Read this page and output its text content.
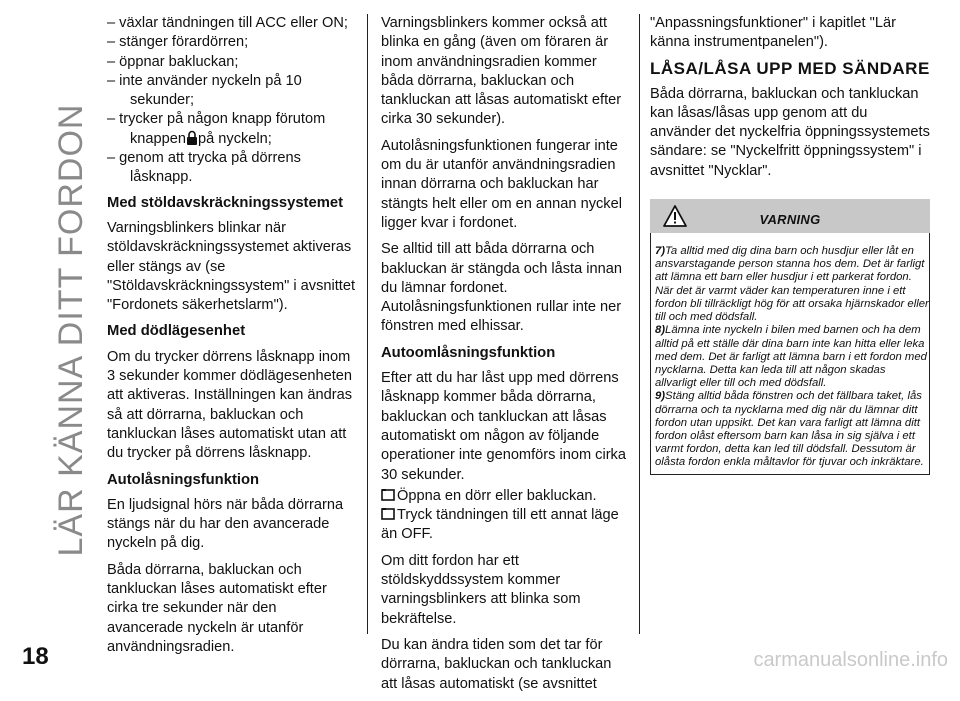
LÄR KÄNNA DITT FORDON
18	carmanualsonline.info
– växlar tändningen till ACC eller ON;
– stänger förardörren;
– öppnar bakluckan;
– inte använder nyckeln på 10 sekunder;
– trycker på någon knapp förutom knappen på nyckeln;
– genom att trycka på dörrens låsknapp.

Med stöldavskräckningssystemet

Varningsblinkers blinkar när stöldavskräckningssystemet aktiveras eller stängs av (se "Stöldavskräckningssystem" i avsnittet "Fordonets säkerhetslarm").

Med dödlägesenhet

Om du trycker dörrens låsknapp inom 3 sekunder kommer dödlägesenheten att aktiveras. Inställningen kan ändras så att dörrarna, bakluckan och tankluckan låses automatiskt utan att du trycker på dörrens låsknapp.

Autolåsningsfunktion

En ljudsignal hörs när båda dörrarna stängs när du har den avancerade nyckeln på dig.

Båda dörrarna, bakluckan och tankluckan låses automatiskt efter cirka tre sekunder när den avancerade nyckeln är utanför användningsradien.

Varningsblinkers kommer också att blinka en gång (även om föraren är inom användningsradien kommer båda dörrarna, bakluckan och tankluckan att låsas automatiskt efter cirka 30 sekunder).

Autolåsningsfunktionen fungerar inte om du är utanför användningsradien innan dörrarna och bakluckan har stängts helt eller om en annan nyckel ligger kvar i fordonet.

Se alltid till att båda dörrarna och bakluckan är stängda och låsta innan du lämnar fordonet.
Autolåsningsfunktionen rullar inte ner fönstren med elhissar.

Autoomlåsningsfunktion

Efter att du har låst upp med dörrens låsknapp kommer båda dörrarna, bakluckan och tankluckan att låsas automatiskt om någon av följande operationer inte genomförs inom cirka 30 sekunder.

Öppna en dörr eller bakluckan.
Tryck tändningen till ett annat läge än OFF.

Om ditt fordon har ett stöldskyddssystem kommer varningsblinkers att blinka som bekräftelse.

Du kan ändra tiden som det tar för dörrarna, bakluckan och tankluckan att låsas automatiskt (se avsnittet

"Anpassningsfunktioner" i kapitlet "Lär känna instrumentpanelen").

LÅSA/LÅSA UPP MED SÄNDARE

Båda dörrarna, bakluckan och tankluckan kan låsas/låsas upp genom att du använder det nyckelfria öppningssystemets sändare: se "Nyckelfritt öppningssystem" i avsnittet "Nycklar".

VARNING

7)Ta alltid med dig dina barn och husdjur eller låt en ansvarstagande person stanna hos dem. Det är farligt att lämna ett barn eller husdjur i ett parkerat fordon. När det är varmt väder kan temperaturen inne i ett fordon bli tillräckligt hög för att orsaka hjärnskador eller till och med dödsfall.

8)Lämna inte nyckeln i bilen med barnen och ha dem alltid på ett ställe där dina barn inte kan hitta eller leka med dem. Det är farligt att lämna barn i ett fordon med nycklarna. Detta kan leda till att någon skadas allvarligt eller till och med dödsfall.

9)Stäng alltid båda fönstren och det fällbara taket, lås dörrarna och ta nycklarna med dig när du lämnar ditt fordon utan uppsikt. Det kan vara farligt att lämna ditt fordon olåst eftersom barn kan låsa in sig själva i ett varmt fordon, detta kan led till dödsfall. Dessutom är olåsta fordon enkla måltavlor för tjuvar och inkräktare.
